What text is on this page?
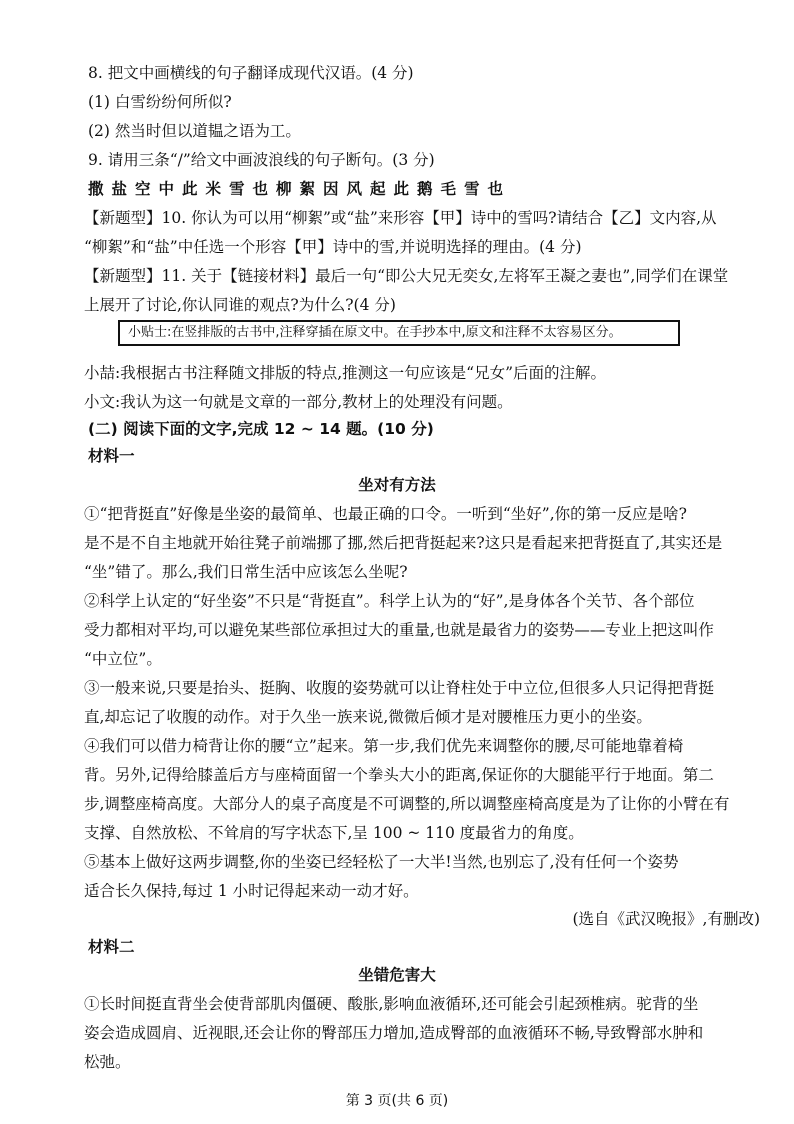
8. 把文中画横线的句子翻译成现代汉语。(4 分)
(1) 白雪纷纷何所似?
(2) 然当时但以道韫之语为工。
9. 请用三条“/”给文中画波浪线的句子断句。(3 分)
撒盐空中此米雪也柳絮因风起此鹅毛雪也
【新题型】10. 你认为可以用“柳絮”或“盐”来形容【甲】诗中的雪吗?请结合【乙】文内容,从
“柳絮”和“盐”中任选一个形容【甲】诗中的雪,并说明选择的理由。(4 分)
【新题型】11. 关于【链接材料】最后一句“即公大兄无奕女,左将军王凝之妻也”,同学们在课堂
上展开了讨论,你认同谁的观点?为什么?(4 分)
小贴士:在竖排版的古书中,注释穿插在原文中。在手抄本中,原文和注释不太容易区分。
小喆:我根据古书注释随文排版的特点,推测这一句应该是“兄女”后面的注解。
小文:我认为这一句就是文章的一部分,教材上的处理没有问题。
(二) 阅读下面的文字,完成 12 ~ 14 题。(10 分)
材料一
坐对有方法
①“把背挺直”好像是坐姿的最简单、也最正确的口令。一听到“坐好”,你的第一反应是啥?
是不是不自主地就开始往凳子前端挪了挪,然后把背挺起来?这只是看起来把背挺直了,其实还是
“坐”错了。那么,我们日常生活中应该怎么坐呢?
②科学上认定的“好坐姿”不只是“背挺直”。科学上认为的“好”,是身体各个关节、各个部位
受力都相对平均,可以避免某些部位承担过大的重量,也就是最省力的姿势——专业上把这叫作
“中立位”。
③一般来说,只要是抬头、挺胸、收腹的姿势就可以让脊柱处于中立位,但很多人只记得把背挺
直,却忘记了收腹的动作。对于久坐一族来说,微微后倾才是对腰椎压力更小的坐姿。
④我们可以借力椅背让你的腰“立”起来。第一步,我们优先来调整你的腰,尽可能地靠着椅
背。另外,记得给膝盖后方与座椅面留一个拳头大小的距离,保证你的大腿能平行于地面。第二
步,调整座椅高度。大部分人的桌子高度是不可调整的,所以调整座椅高度是为了让你的小臂在有
支撑、自然放松、不耸肩的写字状态下,呈 100 ~ 110 度最省力的角度。
⑤基本上做好这两步调整,你的坐姿已经轻松了一大半!当然,也别忘了,没有任何一个姿势
适合长久保持,每过 1 小时记得起来动一动才好。
(选自《武汉晚报》,有删改)
材料二
坐错危害大
①长时间挺直背坐会使背部肌肉僵硬、酸胀,影响血液循环,还可能会引起颈椎病。驼背的坐
姿会造成圆肩、近视眼,还会让你的臀部压力增加,造成臀部的血液循环不畅,导致臀部水肿和
松弛。
第 3 页(共 6 页)
